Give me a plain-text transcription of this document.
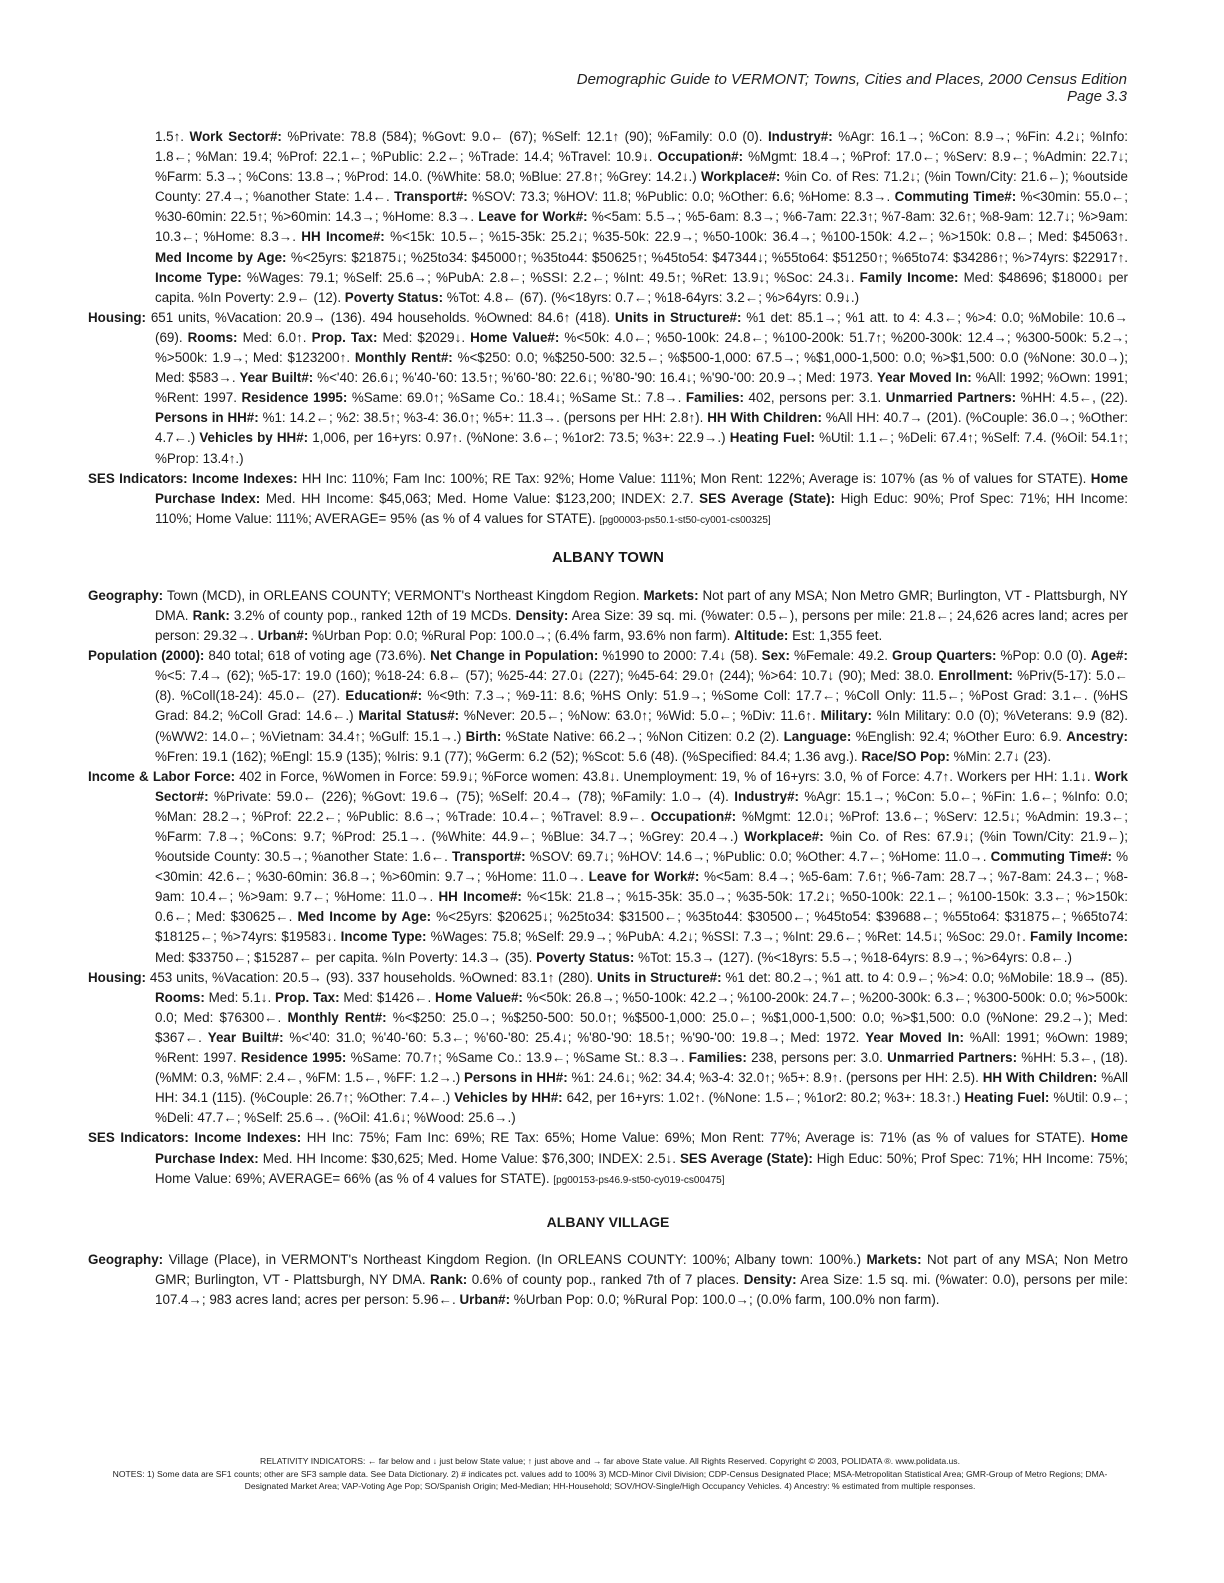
Demographic Guide to VERMONT; Towns, Cities and Places, 2000 Census Edition
Page 3.3

1.5↑. Work Sector#: %Private: 78.8 (584); %Govt: 9.0← (67); %Self: 12.1↑ (90); %Family: 0.0 (0). Industry#: %Agr: 16.1→; %Con: 8.9→; %Fin: 4.2↓; %Info: 1.8←; %Man: 19.4; %Prof: 22.1←; %Public: 2.2←; %Trade: 14.4; %Travel: 10.9↓. Occupation#: %Mgmt: 18.4→; %Prof: 17.0←; %Serv: 8.9←; %Admin: 22.7↓; %Farm: 5.3→; %Cons: 13.8→; %Prod: 14.0. (%White: 58.0; %Blue: 27.8↑; %Grey: 14.2↓.) Workplace#: %in Co. of Res: 71.2↓; (%in Town/City: 21.6←); %outside County: 27.4→; %another State: 1.4←. Transport#: %SOV: 73.3; %HOV: 11.8; %Public: 0.0; %Other: 6.6; %Home: 8.3→. Commuting Time#: %<30min: 55.0←; %30-60min: 22.5↑; %>60min: 14.3→; %Home: 8.3→. Leave for Work#: %<5am: 5.5→; %5-6am: 8.3→; %6-7am: 22.3↑; %7-8am: 32.6↑; %8-9am: 12.7↓; %>9am: 10.3←; %Home: 8.3→. HH Income#: %<15k: 10.5←; %15-35k: 25.2↓; %35-50k: 22.9→; %50-100k: 36.4→; %100-150k: 4.2←; %>150k: 0.8←; Med: $45063↑. Med Income by Age: %<25yrs: $21875↓; %25to34: $45000↑; %35to44: $50625↑; %45to54: $47344↓; %55to64: $51250↑; %65to74: $34286↑; %>74yrs: $22917↑. Income Type: %Wages: 79.1; %Self: 25.6→; %PubA: 2.8←; %SSI: 2.2←; %Int: 49.5↑; %Ret: 13.9↓; %Soc: 24.3↓. Family Income: Med: $48696; $18000↓ per capita. %In Poverty: 2.9← (12). Poverty Status: %Tot: 4.8← (67). (%<18yrs: 0.7←; %18-64yrs: 3.2←; %>64yrs: 0.9↓.)

Housing: 651 units, %Vacation: 20.9→ (136). 494 households. %Owned: 84.6↑ (418). Units in Structure#: %1 det: 85.1→; %1 att. to 4: 4.3←; %>4: 0.0; %Mobile: 10.6→ (69). Rooms: Med: 6.0↑. Prop. Tax: Med: $2029↓. Home Value#: %<50k: 4.0←; %50-100k: 24.8←; %100-200k: 51.7↑; %200-300k: 12.4→; %300-500k: 5.2→; %>500k: 1.9→; Med: $123200↑. Monthly Rent#: %<$250: 0.0; %$250-500: 32.5←; %$500-1,000: 67.5→; %$1,000-1,500: 0.0; %>$1,500: 0.0 (%None: 30.0→); Med: $583→. Year Built#: %<'40: 26.6↓; %'40-'60: 13.5↑; %'60-'80: 22.6↓; %'80-'90: 16.4↓; %'90-'00: 20.9→; Med: 1973. Year Moved In: %All: 1992; %Own: 1991; %Rent: 1997. Residence 1995: %Same: 69.0↑; %Same Co.: 18.4↓; %Same St.: 7.8→. Families: 402, persons per: 3.1. Unmarried Partners: %HH: 4.5←, (22). Persons in HH#: %1: 14.2←; %2: 38.5↑; %3-4: 36.0↑; %5+: 11.3→. (persons per HH: 2.8↑). HH With Children: %All HH: 40.7→ (201). (%Couple: 36.0→; %Other: 4.7←.) Vehicles by HH#: 1,006, per 16+yrs: 0.97↑. (%None: 3.6←; %1or2: 73.5; %3+: 22.9→.) Heating Fuel: %Util: 1.1←; %Deli: 67.4↑; %Self: 7.4. (%Oil: 54.1↑; %Prop: 13.4↑.)

SES Indicators: Income Indexes: HH Inc: 110%; Fam Inc: 100%; RE Tax: 92%; Home Value: 111%; Mon Rent: 122%; Average is: 107% (as % of values for STATE). Home Purchase Index: Med. HH Income: $45,063; Med. Home Value: $123,200; INDEX: 2.7. SES Average (State): High Educ: 90%; Prof Spec: 71%; HH Income: 110%; Home Value: 111%; AVERAGE= 95% (as % of 4 values for STATE). [pg00003-ps50.1-st50-cy001-cs00325]

ALBANY TOWN

Geography: Town (MCD), in ORLEANS COUNTY; VERMONT's Northeast Kingdom Region. Markets: Not part of any MSA; Non Metro GMR; Burlington, VT - Plattsburgh, NY DMA. Rank: 3.2% of county pop., ranked 12th of 19 MCDs. Density: Area Size: 39 sq. mi. (%water: 0.5←), persons per mile: 21.8←; 24,626 acres land; acres per person: 29.32→. Urban#: %Urban Pop: 0.0; %Rural Pop: 100.0→; (6.4% farm, 93.6% non farm). Altitude: Est: 1,355 feet.

Population (2000): 840 total; 618 of voting age (73.6%). Net Change in Population: %1990 to 2000: 7.4↓ (58). Sex: %Female: 49.2. Group Quarters: %Pop: 0.0 (0). Age#: %<5: 7.4→ (62); %5-17: 19.0 (160); %18-24: 6.8← (57); %25-44: 27.0↓ (227); %45-64: 29.0↑ (244); %>64: 10.7↓ (90); Med: 38.0. Enrollment: %Priv(5-17): 5.0← (8). %Coll(18-24): 45.0← (27). Education#: %<9th: 7.3→; %9-11: 8.6; %HS Only: 51.9→; %Some Coll: 17.7←; %Coll Only: 11.5←; %Post Grad: 3.1←. (%HS Grad: 84.2; %Coll Grad: 14.6←.) Marital Status#: %Never: 20.5←; %Now: 63.0↑; %Wid: 5.0←; %Div: 11.6↑. Military: %In Military: 0.0 (0); %Veterans: 9.9 (82). (%WW2: 14.0←; %Vietnam: 34.4↑; %Gulf: 15.1→.) Birth: %State Native: 66.2→; %Non Citizen: 0.2 (2). Language: %English: 92.4; %Other Euro: 6.9. Ancestry: %Fren: 19.1 (162); %Engl: 15.9 (135); %Iris: 9.1 (77); %Germ: 6.2 (52); %Scot: 5.6 (48). (%Specified: 84.4; 1.36 avg.). Race/SO Pop: %Min: 2.7↓ (23).

Income & Labor Force: 402 in Force, %Women in Force: 59.9↓; %Force women: 43.8↓. Unemployment: 19, % of 16+yrs: 3.0, % of Force: 4.7↑. Workers per HH: 1.1↓. Work Sector#: %Private: 59.0← (226); %Govt: 19.6→ (75); %Self: 20.4→ (78); %Family: 1.0→ (4). Industry#: %Agr: 15.1→; %Con: 5.0←; %Fin: 1.6←; %Info: 0.0; %Man: 28.2→; %Prof: 22.2←; %Public: 8.6→; %Trade: 10.4←; %Travel: 8.9←. Occupation#: %Mgmt: 12.0↓; %Prof: 13.6←; %Serv: 12.5↓; %Admin: 19.3←; %Farm: 7.8→; %Cons: 9.7; %Prod: 25.1→. (%White: 44.9←; %Blue: 34.7→; %Grey: 20.4→.) Workplace#: %in Co. of Res: 67.9↓; (%in Town/City: 21.9←); %outside County: 30.5→; %another State: 1.6←. Transport#: %SOV: 69.7↓; %HOV: 14.6→; %Public: 0.0; %Other: 4.7←; %Home: 11.0→. Commuting Time#: %<30min: 42.6←; %30-60min: 36.8→; %>60min: 9.7→; %Home: 11.0→. Leave for Work#: %<5am: 8.4→; %5-6am: 7.6↑; %6-7am: 28.7→; %7-8am: 24.3←; %8-9am: 10.4←; %>9am: 9.7←; %Home: 11.0→. HH Income#: %<15k: 21.8→; %15-35k: 35.0→; %35-50k: 17.2↓; %50-100k: 22.1←; %100-150k: 3.3←; %>150k: 0.6←; Med: $30625←. Med Income by Age: %<25yrs: $20625↓; %25to34: $31500←; %35to44: $30500←; %45to54: $39688←; %55to64: $31875←; %65to74: $18125←; %>74yrs: $19583↓. Income Type: %Wages: 75.8; %Self: 29.9→; %PubA: 4.2↓; %SSI: 7.3→; %Int: 29.6←; %Ret: 14.5↓; %Soc: 29.0↑. Family Income: Med: $33750←; $15287← per capita. %In Poverty: 14.3→ (35). Poverty Status: %Tot: 15.3→ (127). (%<18yrs: 5.5→; %18-64yrs: 8.9→; %>64yrs: 0.8←.)

Housing: 453 units, %Vacation: 20.5→ (93). 337 households. %Owned: 83.1↑ (280). Units in Structure#: %1 det: 80.2→; %1 att. to 4: 0.9←; %>4: 0.0; %Mobile: 18.9→ (85). Rooms: Med: 5.1↓. Prop. Tax: Med: $1426←. Home Value#: %<50k: 26.8→; %50-100k: 42.2→; %100-200k: 24.7←; %200-300k: 6.3←; %300-500k: 0.0; %>500k: 0.0; Med: $76300←. Monthly Rent#: %<$250: 25.0→; %$250-500: 50.0↑; %$500-1,000: 25.0←; %$1,000-1,500: 0.0; %>$1,500: 0.0 (%None: 29.2→); Med: $367←. Year Built#: %<'40: 31.0; %'40-'60: 5.3←; %'60-'80: 25.4↓; %'80-'90: 18.5↑; %'90-'00: 19.8→; Med: 1972. Year Moved In: %All: 1991; %Own: 1989; %Rent: 1997. Residence 1995: %Same: 70.7↑; %Same Co.: 13.9←; %Same St.: 8.3→. Families: 238, persons per: 3.0. Unmarried Partners: %HH: 5.3←, (18). (%MM: 0.3, %MF: 2.4←, %FM: 1.5←, %FF: 1.2→.) Persons in HH#: %1: 24.6↓; %2: 34.4; %3-4: 32.0↑; %5+: 8.9↑. (persons per HH: 2.5). HH With Children: %All HH: 34.1 (115). (%Couple: 26.7↑; %Other: 7.4←.) Vehicles by HH#: 642, per 16+yrs: 1.02↑. (%None: 1.5←; %1or2: 80.2; %3+: 18.3↑.) Heating Fuel: %Util: 0.9←; %Deli: 47.7←; %Self: 25.6→. (%Oil: 41.6↓; %Wood: 25.6→.)

SES Indicators: Income Indexes: HH Inc: 75%; Fam Inc: 69%; RE Tax: 65%; Home Value: 69%; Mon Rent: 77%; Average is: 71% (as % of values for STATE). Home Purchase Index: Med. HH Income: $30,625; Med. Home Value: $76,300; INDEX: 2.5↓. SES Average (State): High Educ: 50%; Prof Spec: 71%; HH Income: 75%; Home Value: 69%; AVERAGE= 66% (as % of 4 values for STATE). [pg00153-ps46.9-st50-cy019-cs00475]

ALBANY VILLAGE

Geography: Village (Place), in VERMONT's Northeast Kingdom Region. (In ORLEANS COUNTY: 100%; Albany town: 100%.) Markets: Not part of any MSA; Non Metro GMR; Burlington, VT - Plattsburgh, NY DMA. Rank: 0.6% of county pop., ranked 7th of 7 places. Density: Area Size: 1.5 sq. mi. (%water: 0.0), persons per mile: 107.4→; 983 acres land; acres per person: 5.96←. Urban#: %Urban Pop: 0.0; %Rural Pop: 100.0→; (0.0% farm, 100.0% non farm).

RELATIVITY INDICATORS: ← far below and ↓ just below State value; ↑ just above and → far above State value. All Rights Reserved. Copyright © 2003, POLIDATA ®. www.polidata.us.
NOTES: 1) Some data are SF1 counts; other are SF3 sample data. See Data Dictionary. 2) # indicates pct. values add to 100% 3) MCD-Minor Civil Division; CDP-Census Designated Place; MSA-Metropolitan Statistical Area; GMR-Group of Metro Regions; DMA-Designated Market Area; VAP-Voting Age Pop; SO/Spanish Origin; Med-Median; HH-Household; SOV/HOV-Single/High Occupancy Vehicles. 4) Ancestry: % estimated from multiple responses.
